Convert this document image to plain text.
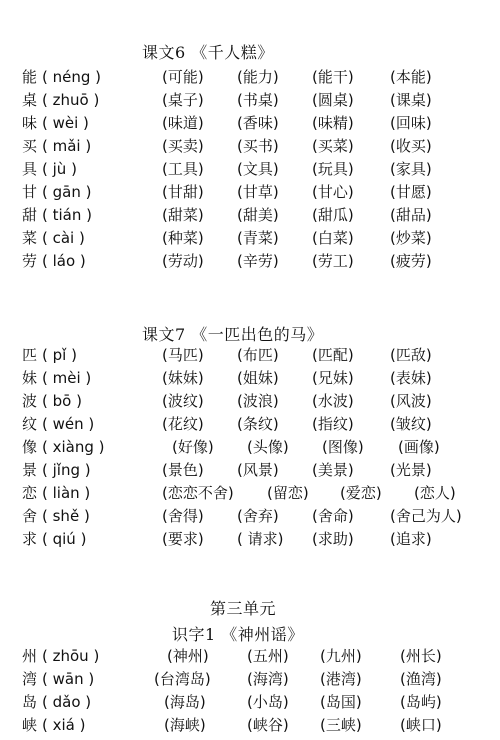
课文6 《千人糕》
能 ( néng )	(可能) (能力) (能干) (本能)
桌 ( zhuō )	(桌子) (书桌) (圆桌) (课桌)
味 ( wèi )	(味道) (香味) (味精) (回味)
买 ( mǎi )	(买卖) (买书) (买菜) (收买)
具 ( jù )	(工具) (文具) (玩具) (家具)
甘 ( gān )	(甘甜) (甘草) (甘心) (甘愿)
甜 ( tián )	(甜菜) (甜美) (甜瓜) (甜品)
菜 ( cài )	(种菜) (青菜) (白菜) (炒菜)
劳 ( láo )	(劳动) (辛劳) (劳工) (疲劳)
课文7 《一匹出色的马》
匹 ( pǐ )	(马匹) (布匹) (匹配) (匹敌)
妹 ( mèi )	(妹妹) (姐妹) (兄妹) (表妹)
波 ( bō )	(波纹) (波浪) (水波) (风波)
纹 ( wén )	(花纹) (条纹) (指纹) (皱纹)
像 ( xiàng )	(好像) (头像) (图像) (画像)
景 ( jǐng )	(景色) (风景) (美景) (光景)
恋 ( liàn )	(恋恋不舍) (留恋) (爱恋) (恋人)
舍 ( shě )	(舍得) (舍弃) (舍命) (舍己为人)
求 ( qiú )	(要求) ( 请求) (求助) (追求)
第三单元
识字1 《神州谣》
州 ( zhōu )	(神州)	(五州) (九州)	(州长)
湾 ( wān )	(台湾岛) (海湾) (港湾)	(渔湾)
岛 ( dǎo )	(海岛)	(小岛) (岛国)	(岛屿)
峡 ( xiá )	(海峡)	(峡谷) (三峡)	(峡口)
